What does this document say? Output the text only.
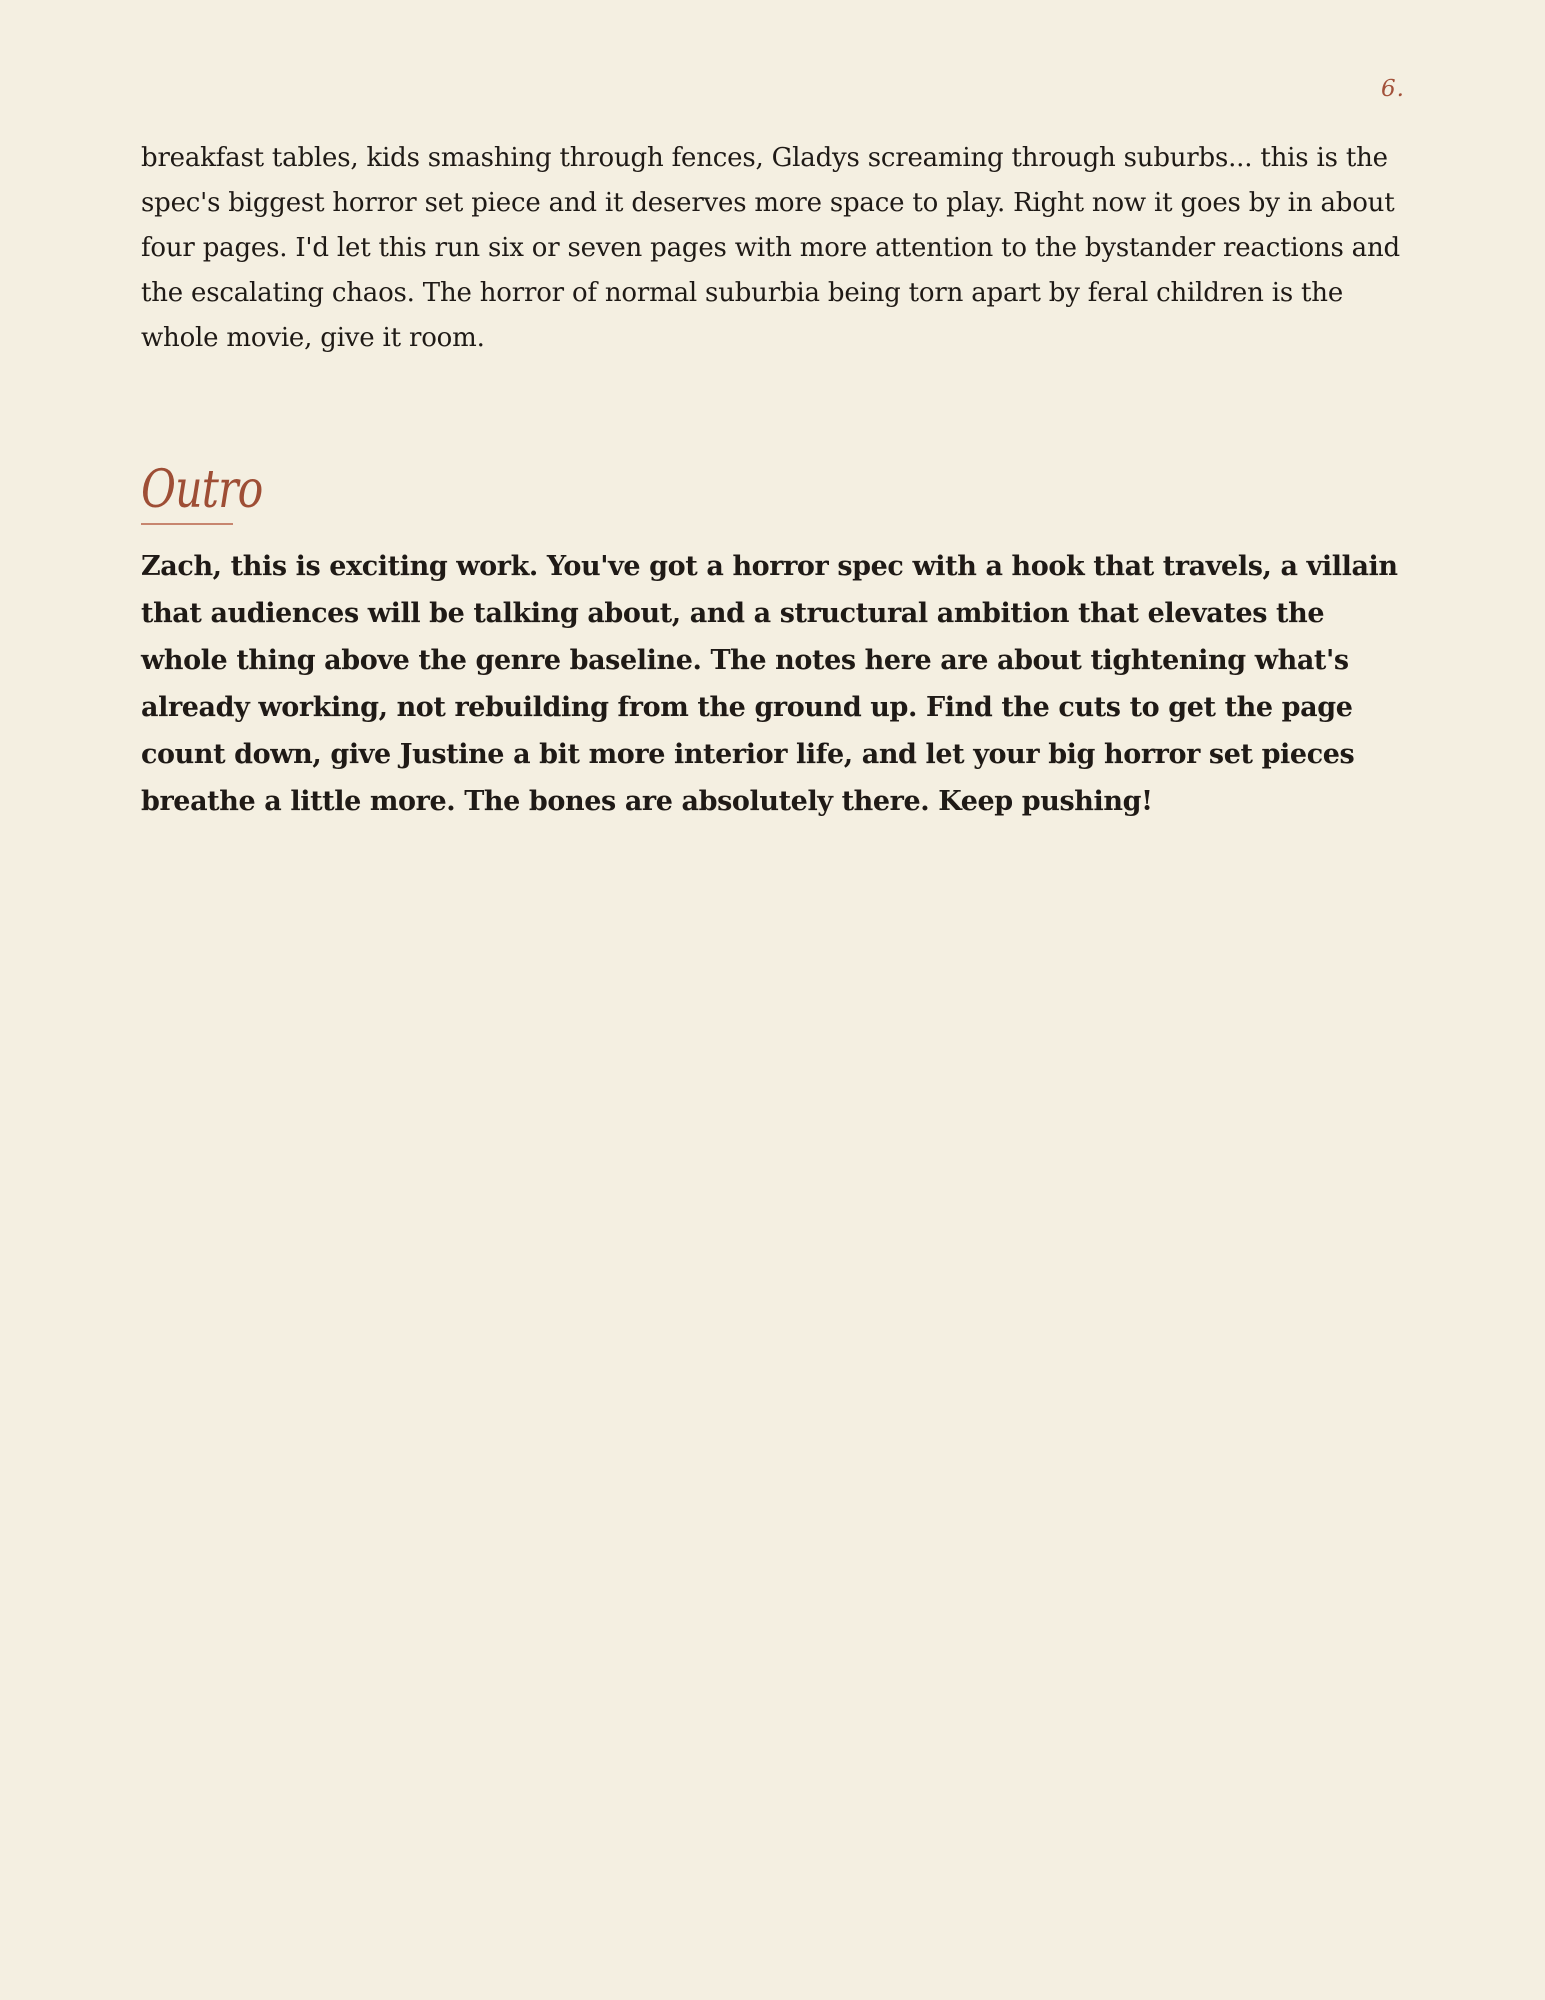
6.

breakfast tables, kids smashing through fences, Gladys screaming through suburbs... this is the spec's biggest horror set piece and it deserves more space to play. Right now it goes by in about four pages. I'd let this run six or seven pages with more attention to the bystander reactions and the escalating chaos. The horror of normal suburbia being torn apart by feral children is the whole movie, give it room.

Outro

Zach, this is exciting work. You've got a horror spec with a hook that travels, a villain that audiences will be talking about, and a structural ambition that elevates the whole thing above the genre baseline. The notes here are about tightening what's already working, not rebuilding from the ground up. Find the cuts to get the page count down, give Justine a bit more interior life, and let your big horror set pieces breathe a little more. The bones are absolutely there. Keep pushing!
